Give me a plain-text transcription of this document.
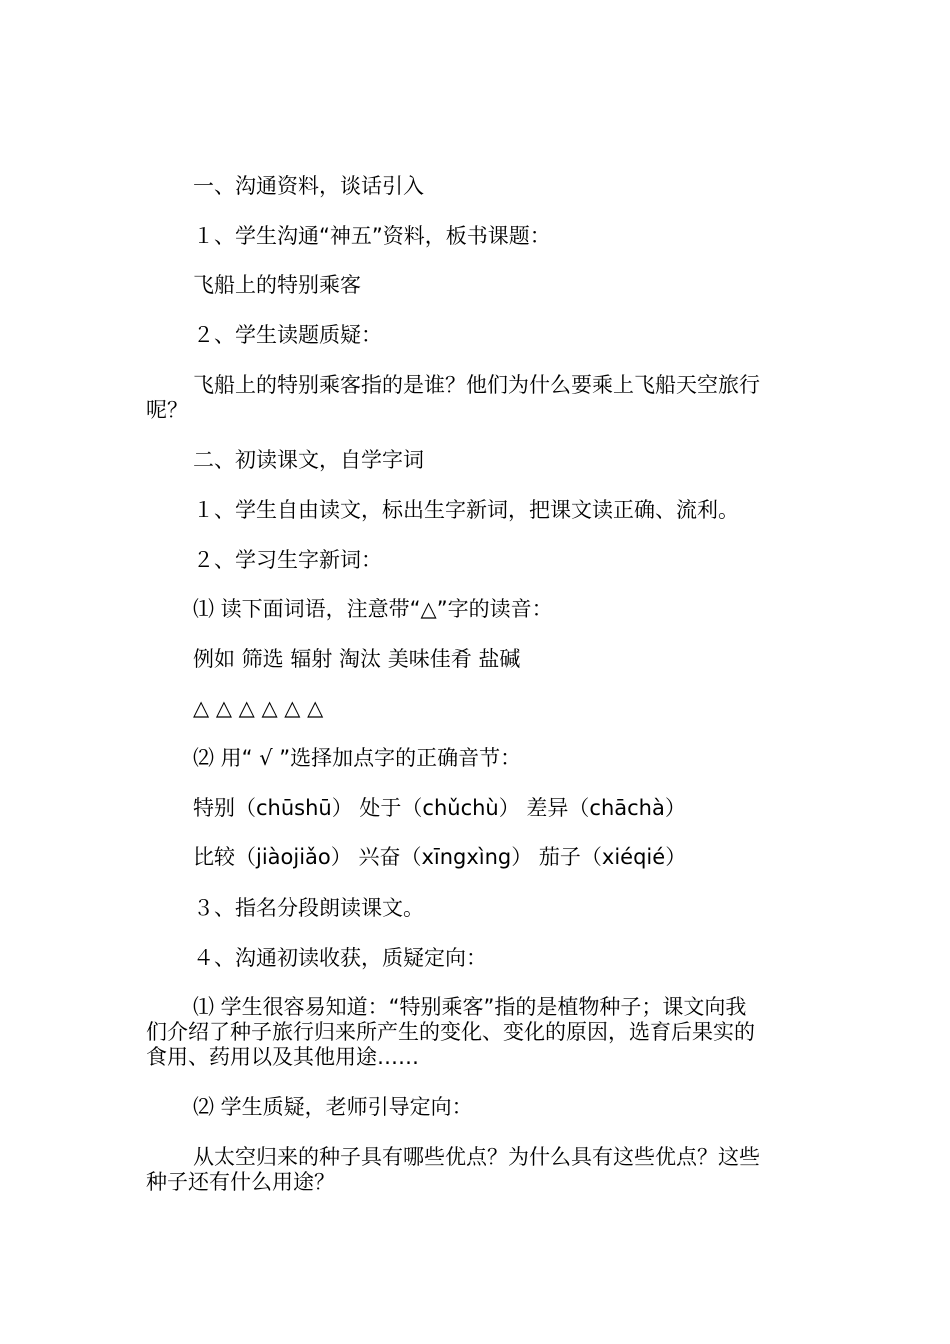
一、沟通资料，谈话引入

１、学生沟通“神五”资料，板书课题：

飞船上的特别乘客

２、学生读题质疑：

飞船上的特别乘客指的是谁？他们为什么要乘上飞船天空旅行

呢？

二、初读课文，自学字词

１、学生自由读文，标出生字新词，把课文读正确、流利。

２、学习生字新词：

⑴ 读下面词语，注意带“△”字的读音：

例如 筛选 辐射 淘汰 美味佳肴 盐碱

△ △ △ △ △ △

⑵ 用“ √ ”选择加点字的正确音节：

特别（chūshū） 处于（chǔchù） 差异（chāchà）

比较（jiàojiǎo） 兴奋（xīngxìng） 茄子（xiéqié）

３、指名分段朗读课文。

４、沟通初读收获，质疑定向：

⑴ 学生很容易知道：“特别乘客”指的是植物种子；课文向我

们介绍了种子旅行归来所产生的变化、变化的原因，选育后果实的

食用、药用以及其他用途……

⑵ 学生质疑，老师引导定向：

从太空归来的种子具有哪些优点？为什么具有这些优点？这些

种子还有什么用途？
